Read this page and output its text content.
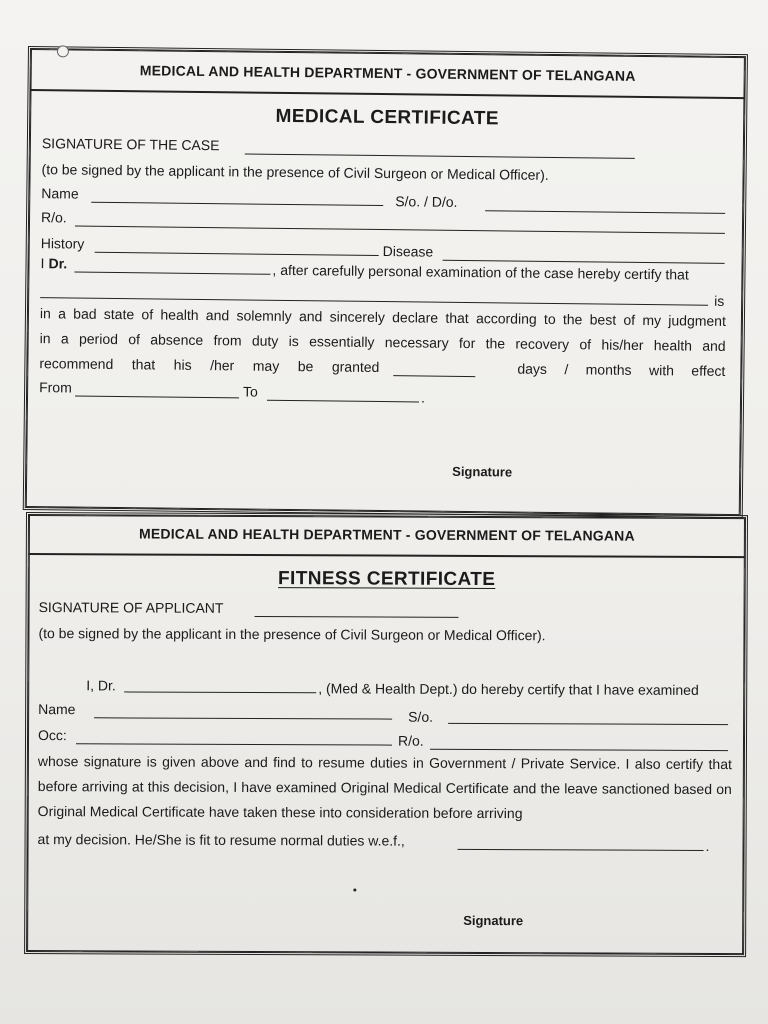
MEDICAL AND HEALTH DEPARTMENT - GOVERNMENT OF TELANGANA
MEDICAL CERTIFICATE
SIGNATURE OF THE CASE
(to be signed by the applicant in the presence of Civil Surgeon or Medical Officer).
Name	S/o. / D/o.
R/o.
History	Disease
I Dr.	, after carefully personal examination of the case hereby certify that
is
in a bad state of health and solemnly and sincerely declare that according to the best of my judgment
in a period of absence from duty is essentially necessary for the recovery of his/her health and
recommend that his /her may be granted	days / months with effect
From	To	.
Signature
MEDICAL AND HEALTH DEPARTMENT - GOVERNMENT OF TELANGANA
FITNESS CERTIFICATE
SIGNATURE OF APPLICANT
(to be signed by the applicant in the presence of Civil Surgeon or Medical Officer).
I, Dr.	, (Med & Health Dept.) do hereby certify that I have examined
Name	S/o.
Occ:	R/o.
whose signature is given above and find to resume duties in Government / Private Service. I also certify that before arriving at this decision, I have examined Original Medical Certificate and the leave sanctioned based on Original Medical Certificate have taken these into consideration before arriving
at my decision. He/She is fit to resume normal duties w.e.f.,	.
Signature
